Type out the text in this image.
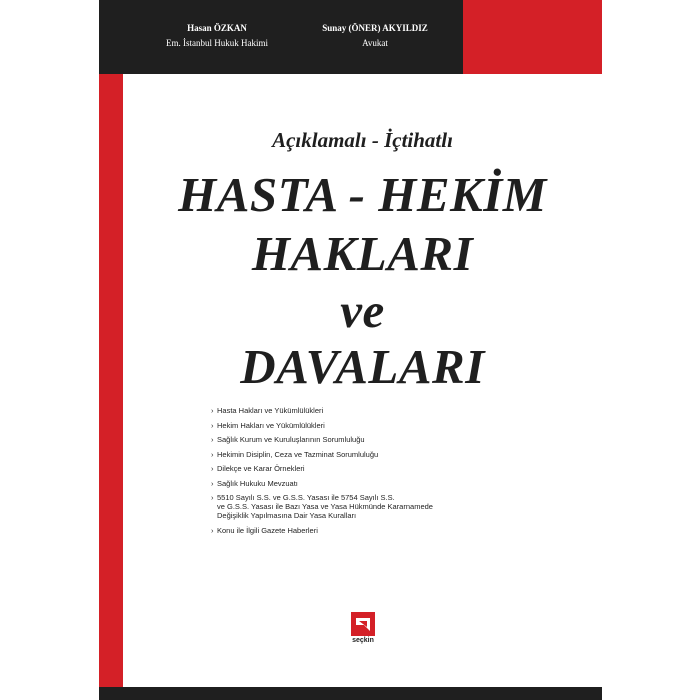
Hasan ÖZKAN
Em. İstanbul Hukuk Hakimi
Sunay (ÖNER) AKYILDIZ
Avukat
Açıklamalı - İçtihatlı
HASTA - HEKİM
HAKLARI
ve
DAVALARI
› Hasta Hakları ve Yükümlülükleri
› Hekim Hakları ve Yükümlülükleri
› Sağlık Kurum ve Kuruluşlarının Sorumluluğu
› Hekimin Disiplin, Ceza ve Tazminat Sorumluluğu
› Dilekçe ve Karar Örnekleri
› Sağlık Hukuku Mevzuatı
› 5510 Sayılı S.S. ve G.S.S. Yasası ile 5754 Sayılı S.S.
ve G.S.S. Yasası ile Bazı Yasa ve Yasa Hükmünde Kararnamede
Değişiklik Yapılmasına Dair Yasa Kuralları
› Konu ile İlgili Gazete Haberleri
seçkin
